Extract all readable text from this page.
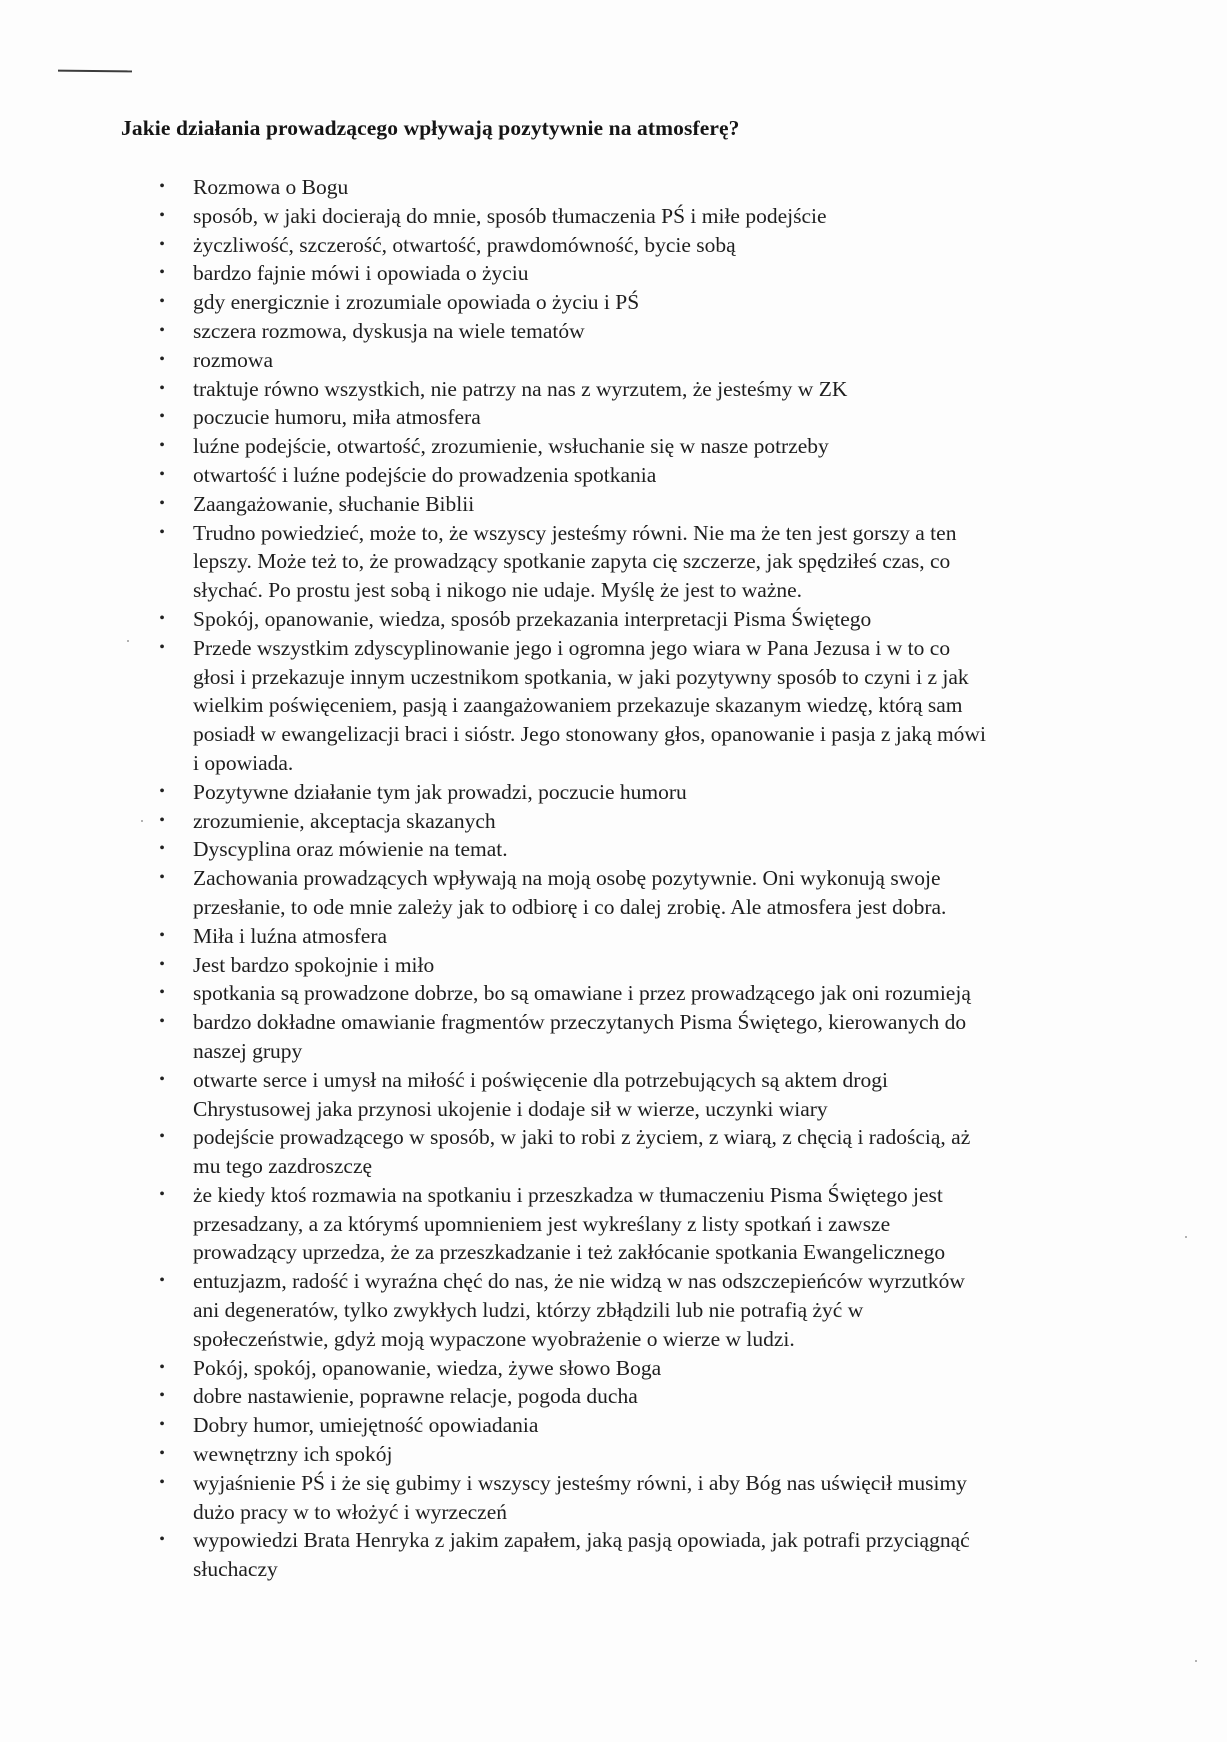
Jakie działania prowadzącego wpływają pozytywnie na atmosferę?
• Rozmowa o Bogu
• sposób, w jaki docierają do mnie, sposób tłumaczenia PŚ i miłe podejście
• życzliwość, szczerość, otwartość, prawdomówność, bycie sobą
• bardzo fajnie mówi i opowiada o życiu
• gdy energicznie i zrozumiale opowiada o życiu i PŚ
• szczera rozmowa, dyskusja na wiele tematów
• rozmowa
• traktuje równo wszystkich, nie patrzy na nas z wyrzutem, że jesteśmy w ZK
• poczucie humoru, miła atmosfera
• luźne podejście, otwartość, zrozumienie, wsłuchanie się w nasze potrzeby
• otwartość i luźne podejście do prowadzenia spotkania
• Zaangażowanie, słuchanie Biblii
• Trudno powiedzieć, może to, że wszyscy jesteśmy równi. Nie ma że ten jest gorszy a ten
lepszy. Może też to, że prowadzący spotkanie zapyta cię szczerze, jak spędziłeś czas, co
słychać. Po prostu jest sobą i nikogo nie udaje. Myślę że jest to ważne.
• Spokój, opanowanie, wiedza, sposób przekazania interpretacji Pisma Świętego
• Przede wszystkim zdyscyplinowanie jego i ogromna jego wiara w Pana Jezusa i w to co
głosi i przekazuje innym uczestnikom spotkania, w jaki pozytywny sposób to czyni i z jak
wielkim poświęceniem, pasją i zaangażowaniem przekazuje skazanym wiedzę, którą sam
posiadł w ewangelizacji braci i sióstr. Jego stonowany głos, opanowanie i pasja z jaką mówi
i opowiada.
• Pozytywne działanie tym jak prowadzi, poczucie humoru
• zrozumienie, akceptacja skazanych
• Dyscyplina oraz mówienie na temat.
• Zachowania prowadzących wpływają na moją osobę pozytywnie. Oni wykonują swoje
przesłanie, to ode mnie zależy jak to odbiorę i co dalej zrobię. Ale atmosfera jest dobra.
• Miła i luźna atmosfera
• Jest bardzo spokojnie i miło
• spotkania są prowadzone dobrze, bo są omawiane i przez prowadzącego jak oni rozumieją
• bardzo dokładne omawianie fragmentów przeczytanych Pisma Świętego, kierowanych do
naszej grupy
• otwarte serce i umysł na miłość i poświęcenie dla potrzebujących są aktem drogi
Chrystusowej jaka przynosi ukojenie i dodaje sił w wierze, uczynki wiary
• podejście prowadzącego w sposób, w jaki to robi z życiem, z wiarą, z chęcią i radością, aż
mu tego zazdroszczę
• że kiedy ktoś rozmawia na spotkaniu i przeszkadza w tłumaczeniu Pisma Świętego jest
przesadzany, a za którymś upomnieniem jest wykreślany z listy spotkań i zawsze
prowadzący uprzedza, że za przeszkadzanie i też zakłócanie spotkania Ewangelicznego
• entuzjazm, radość i wyraźna chęć do nas, że nie widzą w nas odszczepieńców wyrzutków
ani degeneratów, tylko zwykłych ludzi, którzy zbłądzili lub nie potrafią żyć w
społeczeństwie, gdyż moją wypaczone wyobrażenie o wierze w ludzi.
• Pokój, spokój, opanowanie, wiedza, żywe słowo Boga
• dobre nastawienie, poprawne relacje, pogoda ducha
• Dobry humor, umiejętność opowiadania
• wewnętrzny ich spokój
• wyjaśnienie PŚ i że się gubimy i wszyscy jesteśmy równi, i aby Bóg nas uświęcił musimy
dużo pracy w to włożyć i wyrzeczeń
• wypowiedzi Brata Henryka z jakim zapałem, jaką pasją opowiada, jak potrafi przyciągnąć
słuchaczy
